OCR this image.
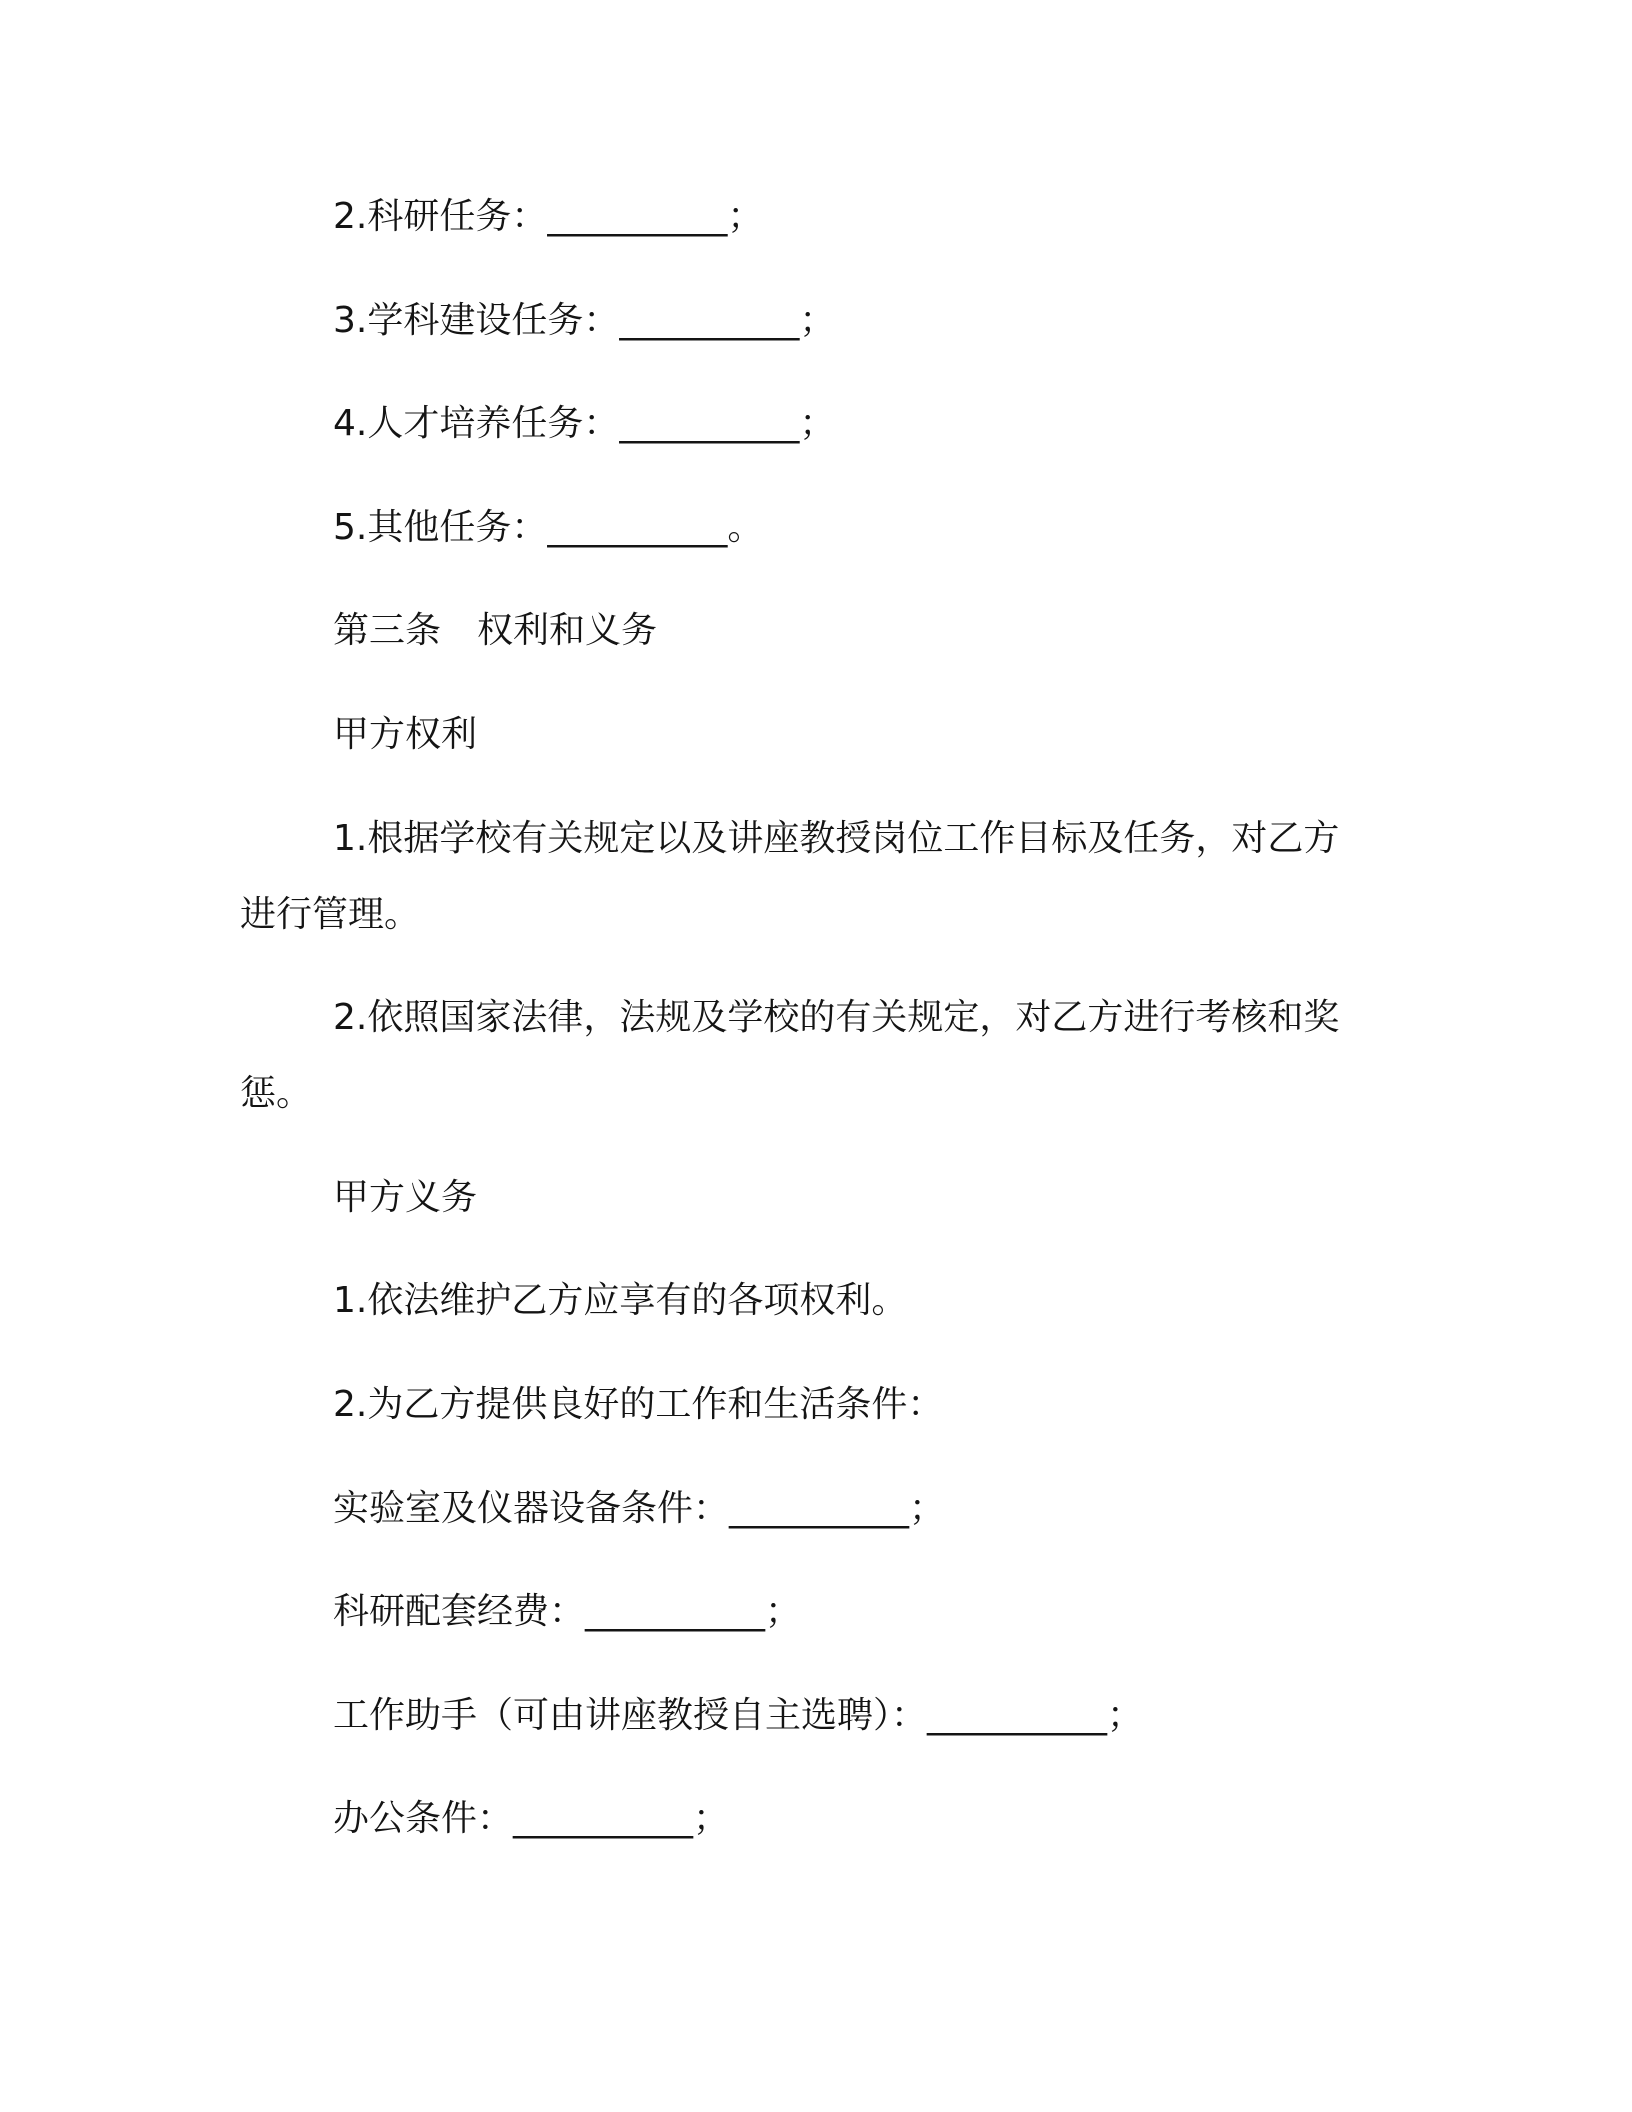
2.科研任务：__________；
3.学科建设任务：__________；
4.人才培养任务：__________；
5.其他任务：__________。
第三条　权利和义务
甲方权利
1.根据学校有关规定以及讲座教授岗位工作目标及任务，对乙方
进行管理。
2.依照国家法律，法规及学校的有关规定，对乙方进行考核和奖
惩。
甲方义务
1.依法维护乙方应享有的各项权利。
2.为乙方提供良好的工作和生活条件：
实验室及仪器设备条件：__________；
科研配套经费：__________；
工作助手（可由讲座教授自主选聘）：__________；
办公条件：__________；
